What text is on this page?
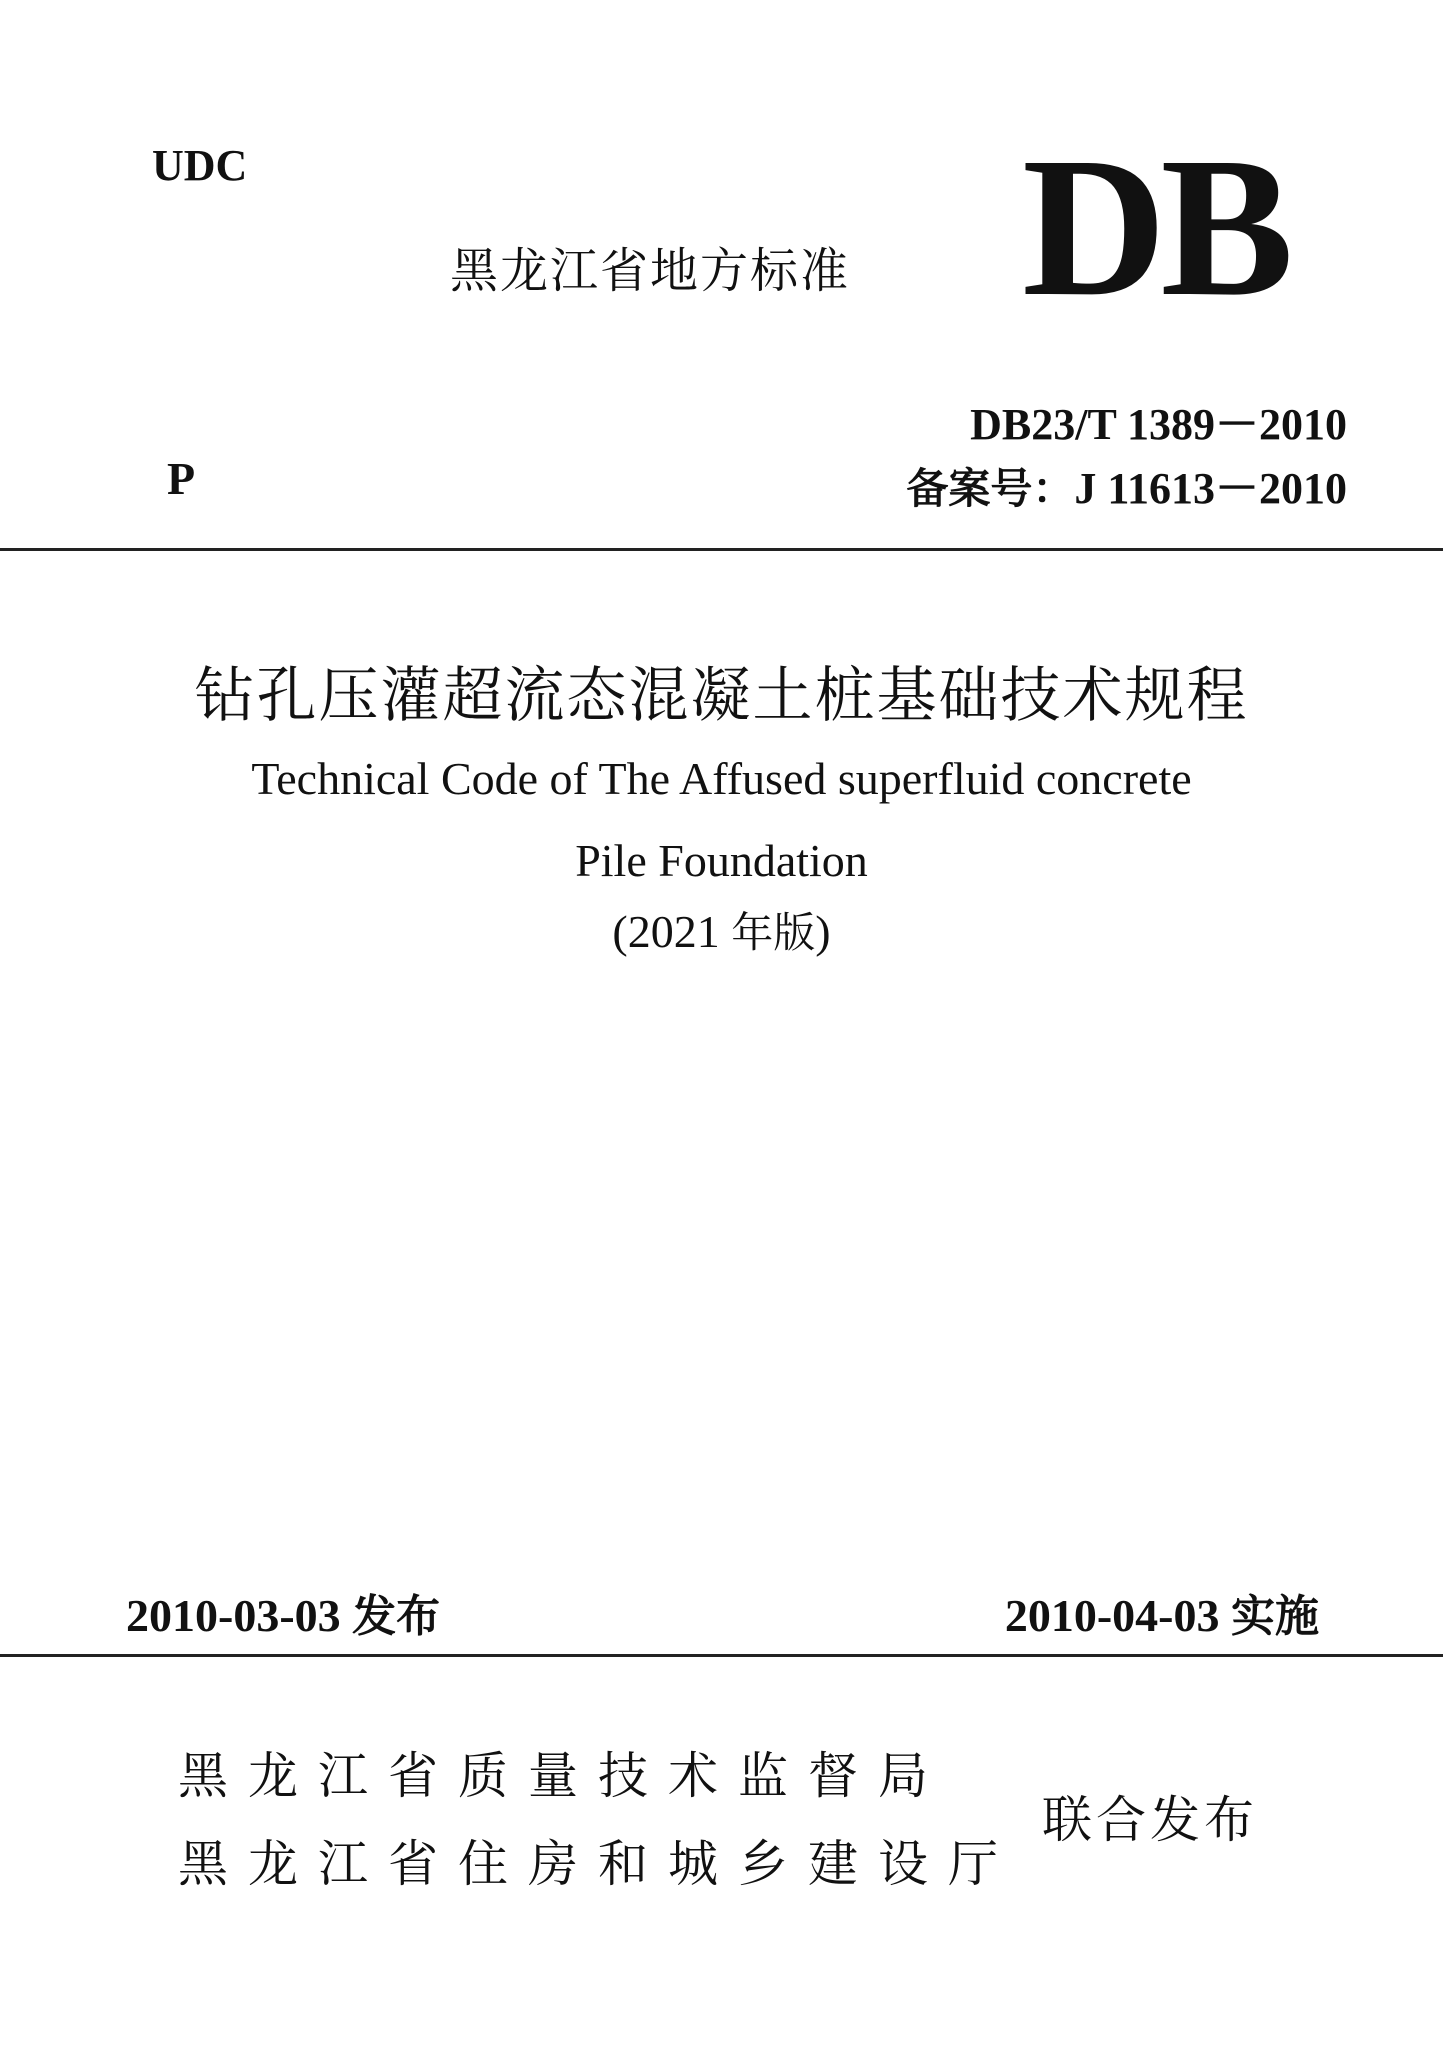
UDC
黑龙江省地方标准 DB
DB23/T 1389－2010
备案号：J 11613－2010
P
钻孔压灌超流态混凝土桩基础技术规程
Technical Code of The Affused superfluid concrete
Pile Foundation
(2021 年版)
2010-03-03 发布	2010-04-03 实施
黑龙江省质量技术监督局
黑龙江省住房和城乡建设厅
联合发布
